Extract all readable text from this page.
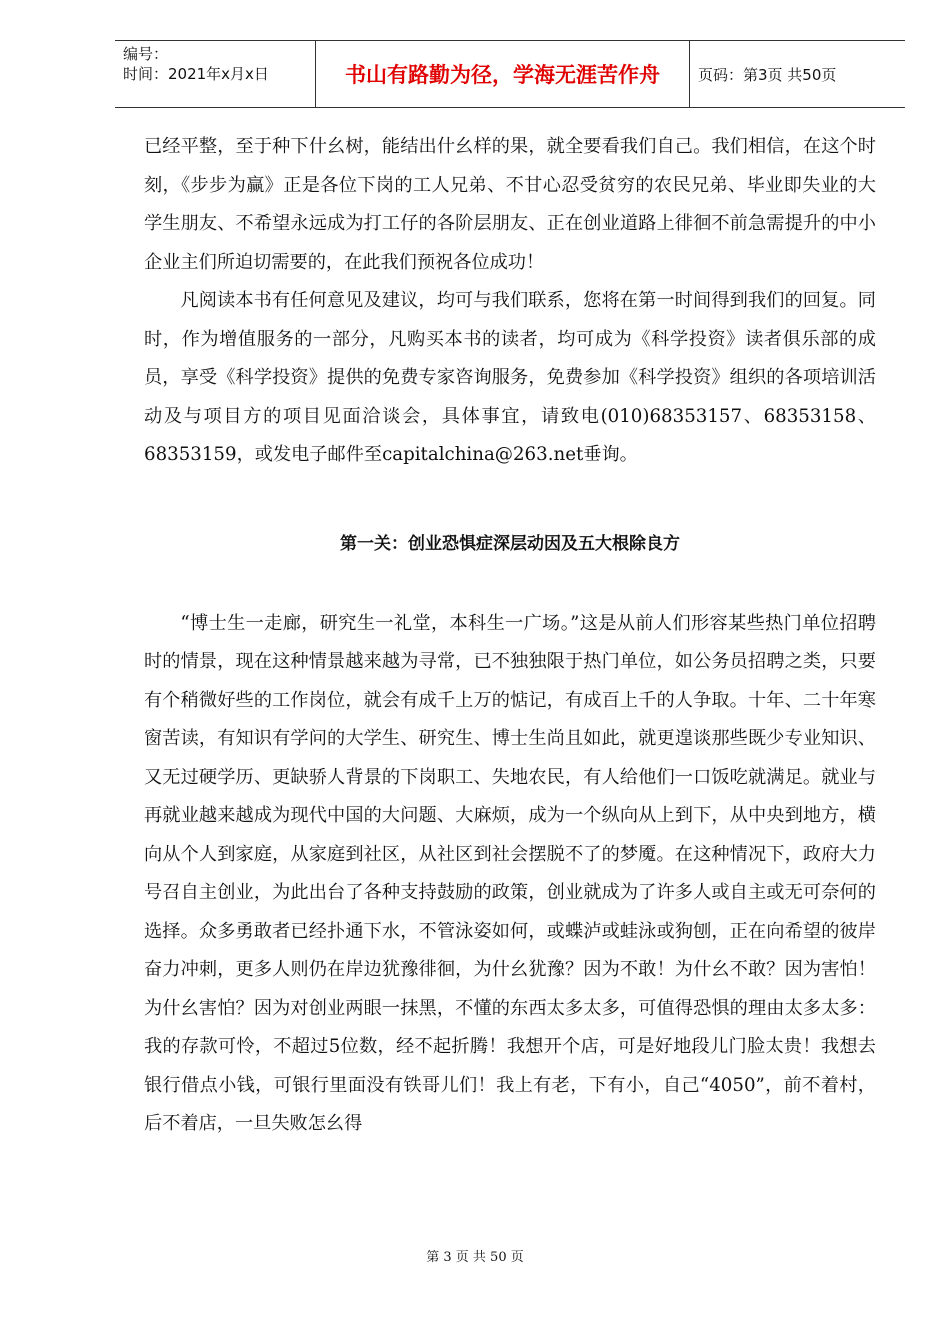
编号：
时间：2021年x月x日	书山有路勤为径，学海无涯苦作舟	页码：第3页 共50页

已经平整，至于种下什幺树，能结出什幺样的果，就全要看我们自己。我们相信，在这个时刻，《步步为赢》正是各位下岗的工人兄弟、不甘心忍受贫穷的农民兄弟、毕业即失业的大学生朋友、不希望永远成为打工仔的各阶层朋友、正在创业道路上徘徊不前急需提升的中小企业主们所迫切需要的，在此我们预祝各位成功！

凡阅读本书有任何意见及建议，均可与我们联系，您将在第一时间得到我们的回复。同时，作为增值服务的一部分，凡购买本书的读者，均可成为《科学投资》读者俱乐部的成员，享受《科学投资》提供的免费专家咨询服务，免费参加《科学投资》组织的各项培训活动及与项目方的项目见面洽谈会，具体事宜，请致电(010)68353157、68353158、68353159，或发电子邮件至capitalchina@263.net垂询。

第一关：创业恐惧症深层动因及五大根除良方

“博士生一走廊，研究生一礼堂，本科生一广场。”这是从前人们形容某些热门单位招聘时的情景，现在这种情景越来越为寻常，已不独独限于热门单位，如公务员招聘之类，只要有个稍微好些的工作岗位，就会有成千上万的惦记，有成百上千的人争取。十年、二十年寒窗苦读，有知识有学问的大学生、研究生、博士生尚且如此，就更遑谈那些既少专业知识、又无过硬学历、更缺骄人背景的下岗职工、失地农民，有人给他们一口饭吃就满足。就业与再就业越来越成为现代中国的大问题、大麻烦，成为一个纵向从上到下，从中央到地方，横向从个人到家庭，从家庭到社区，从社区到社会摆脱不了的梦魇。在这种情况下，政府大力号召自主创业，为此出台了各种支持鼓励的政策，创业就成为了许多人或自主或无可奈何的选择。众多勇敢者已经扑通下水，不管泳姿如何，或蝶泸或蛙泳或狗刨，正在向希望的彼岸奋力冲刺，更多人则仍在岸边犹豫徘徊，为什幺犹豫？因为不敢！为什幺不敢？因为害怕！为什幺害怕？因为对创业两眼一抹黑，不懂的东西太多太多，可值得恐惧的理由太多太多：我的存款可怜，不超过5位数，经不起折腾！我想开个店，可是好地段儿门脸太贵！我想去银行借点小钱，可银行里面没有铁哥儿们！我上有老，下有小，自己“4050”，前不着村，后不着店，一旦失败怎幺得

第 3 页 共 50 页
